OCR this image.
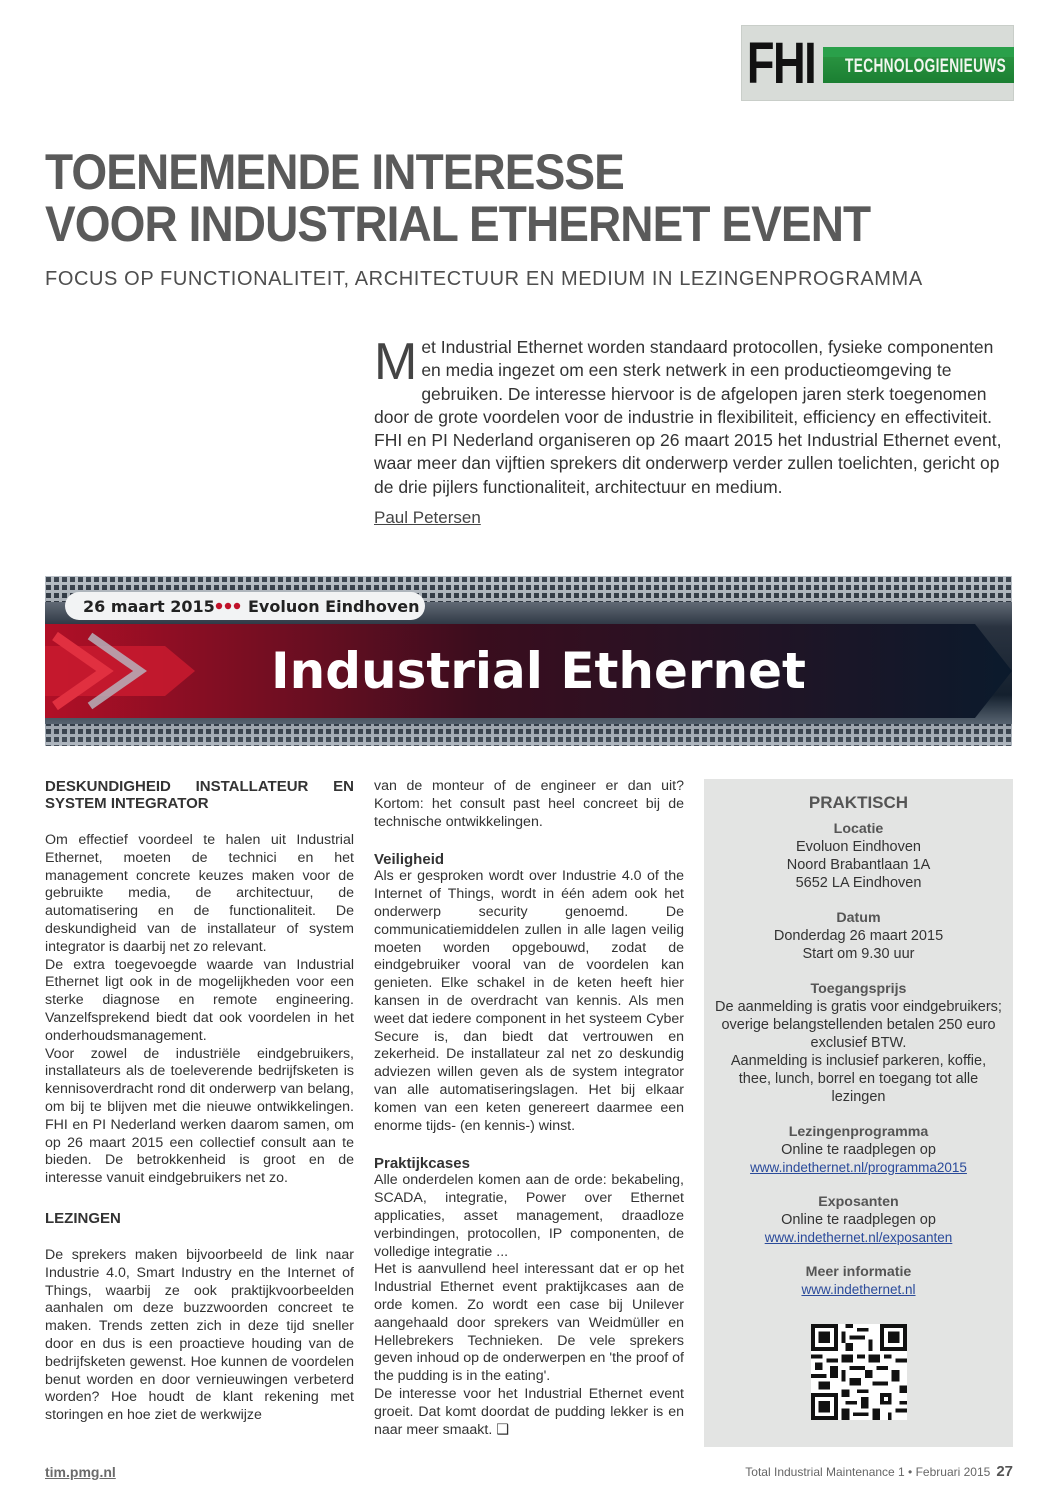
FHI TECHNOLOGIENIEUWS
TOENEMENDE INTERESSE
VOOR INDUSTRIAL ETHERNET EVENT
FOCUS OP FUNCTIONALITEIT, ARCHITECTUUR EN MEDIUM IN LEZINGENPROGRAMMA

Met Industrial Ethernet worden standaard protocollen, fysieke componenten en media ingezet om een sterk netwerk in een productieomgeving te gebruiken. De interesse hiervoor is de afgelopen jaren sterk toegenomen door de grote voordelen voor de industrie in flexibiliteit, efficiency en effectiviteit. FHI en PI Nederland organiseren op 26 maart 2015 het Industrial Ethernet event, waar meer dan vijftien sprekers dit onderwerp verder zullen toelichten, gericht op de drie pijlers functionaliteit, architectuur en medium.

Paul Petersen
26 maart 2015 Evoluon Eindhoven
Industrial Ethernet
DESKUNDIGHEID INSTALLATEUR EN SYSTEM INTEGRATOR

Om effectief voordeel te halen uit Industrial Ethernet, moeten de technici en het management concrete keuzes maken voor de gebruikte media, de architectuur, de automatisering en de functionaliteit. De deskundigheid van de installateur of system integrator is daarbij net zo relevant.

De extra toegevoegde waarde van Industrial Ethernet ligt ook in de mogelijkheden voor een sterke diagnose en remote engineering. Vanzelfsprekend biedt dat ook voordelen in het onderhoudsmanagement.

Voor zowel de industriële eindgebruikers, installateurs als de toeleverende bedrijfsketen is kennisoverdracht rond dit onderwerp van belang, om bij te blijven met die nieuwe ontwikkelingen. FHI en PI Nederland werken daarom samen, om op 26 maart 2015 een collectief consult aan te bieden. De betrokkenheid is groot en de interesse vanuit eindgebruikers net zo.

LEZINGEN

De sprekers maken bijvoorbeeld de link naar Industrie 4.0, Smart Industry en the Internet of Things, waarbij ze ook praktijkvoorbeelden aanhalen om deze buzzwoorden concreet te maken. Trends zetten zich in deze tijd sneller door en dus is een proactieve houding van de bedrijfsketen gewenst. Hoe kunnen de voordelen benut worden en door vernieuwingen verbeterd worden? Hoe houdt de klant rekening met storingen en hoe ziet de werkwijze

van de monteur of de engineer er dan uit? Kortom: het consult past heel concreet bij de technische ontwikkelingen.

Veiligheid

Als er gesproken wordt over Industrie 4.0 of the Internet of Things, wordt in één adem ook het onderwerp security genoemd. De communicatiemiddelen zullen in alle lagen veilig moeten worden opgebouwd, zodat de eindgebruiker vooral van de voordelen kan genieten. Elke schakel in de keten heeft hier kansen in de overdracht van kennis. Als men weet dat iedere component in het systeem Cyber Secure is, dan biedt dat vertrouwen en zekerheid. De installateur zal net zo deskundig adviezen willen geven als de system integrator van alle automatiseringslagen. Het bij elkaar komen van een keten genereert daarmee een enorme tijds- (en kennis-) winst.

Praktijkcases

Alle onderdelen komen aan de orde: bekabeling, SCADA, integratie, Power over Ethernet applicaties, asset management, draadloze verbindingen, protocollen, IP componenten, de volledige integratie ...

Het is aanvullend heel interessant dat er op het Industrial Ethernet event praktijkcases aan de orde komen. Zo wordt een case bij Unilever aangehaald door sprekers van Weidmüller en Hellebrekers Technieken. De vele sprekers geven inhoud op de onderwerpen en 'the proof of the pudding is in the eating'.

De interesse voor het Industrial Ethernet event groeit. Dat komt doordat de pudding lekker is en naar meer smaakt. ❑

PRAKTISCH
Locatie
Evoluon Eindhoven
Noord Brabantlaan 1A
5652 LA Eindhoven
Datum
Donderdag 26 maart 2015
Start om 9.30 uur
Toegangsprijs
De aanmelding is gratis voor eindgebruikers; overige belangstellenden betalen 250 euro exclusief BTW.
Aanmelding is inclusief parkeren, koffie, thee, lunch, borrel en toegang tot alle lezingen
Lezingenprogramma
Online te raadplegen op
www.indethernet.nl/programma2015
Exposanten
Online te raadplegen op
www.indethernet.nl/exposanten
Meer informatie
www.indethernet.nl
tim.pmg.nl	Total Industrial Maintenance 1 • Februari 2015 27
